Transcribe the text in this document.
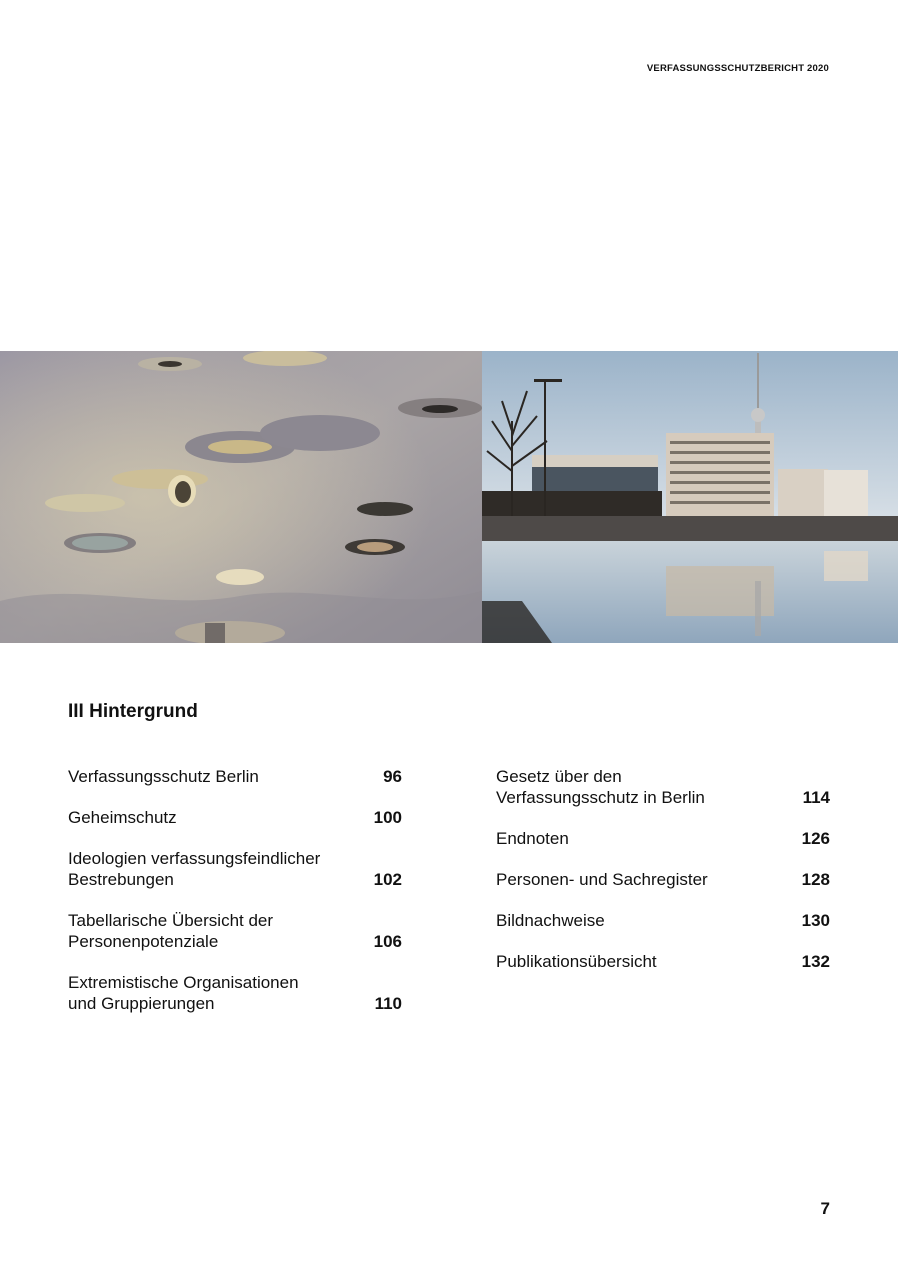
VERFASSUNGSSCHUTZBERICHT 2020
III Hintergrund
Verfassungsschutz Berlin	96
Geheimschutz	100
Ideologien verfassungsfeindlicher
Bestrebungen	102
Tabellarische Übersicht der
Personenpotenziale	106
Extremistische Organisationen
und Gruppierungen	110
Gesetz über den
Verfassungsschutz in Berlin	114
Endnoten	126
Personen- und Sachregister	128
Bildnachweise	130
Publikationsübersicht	132
7
